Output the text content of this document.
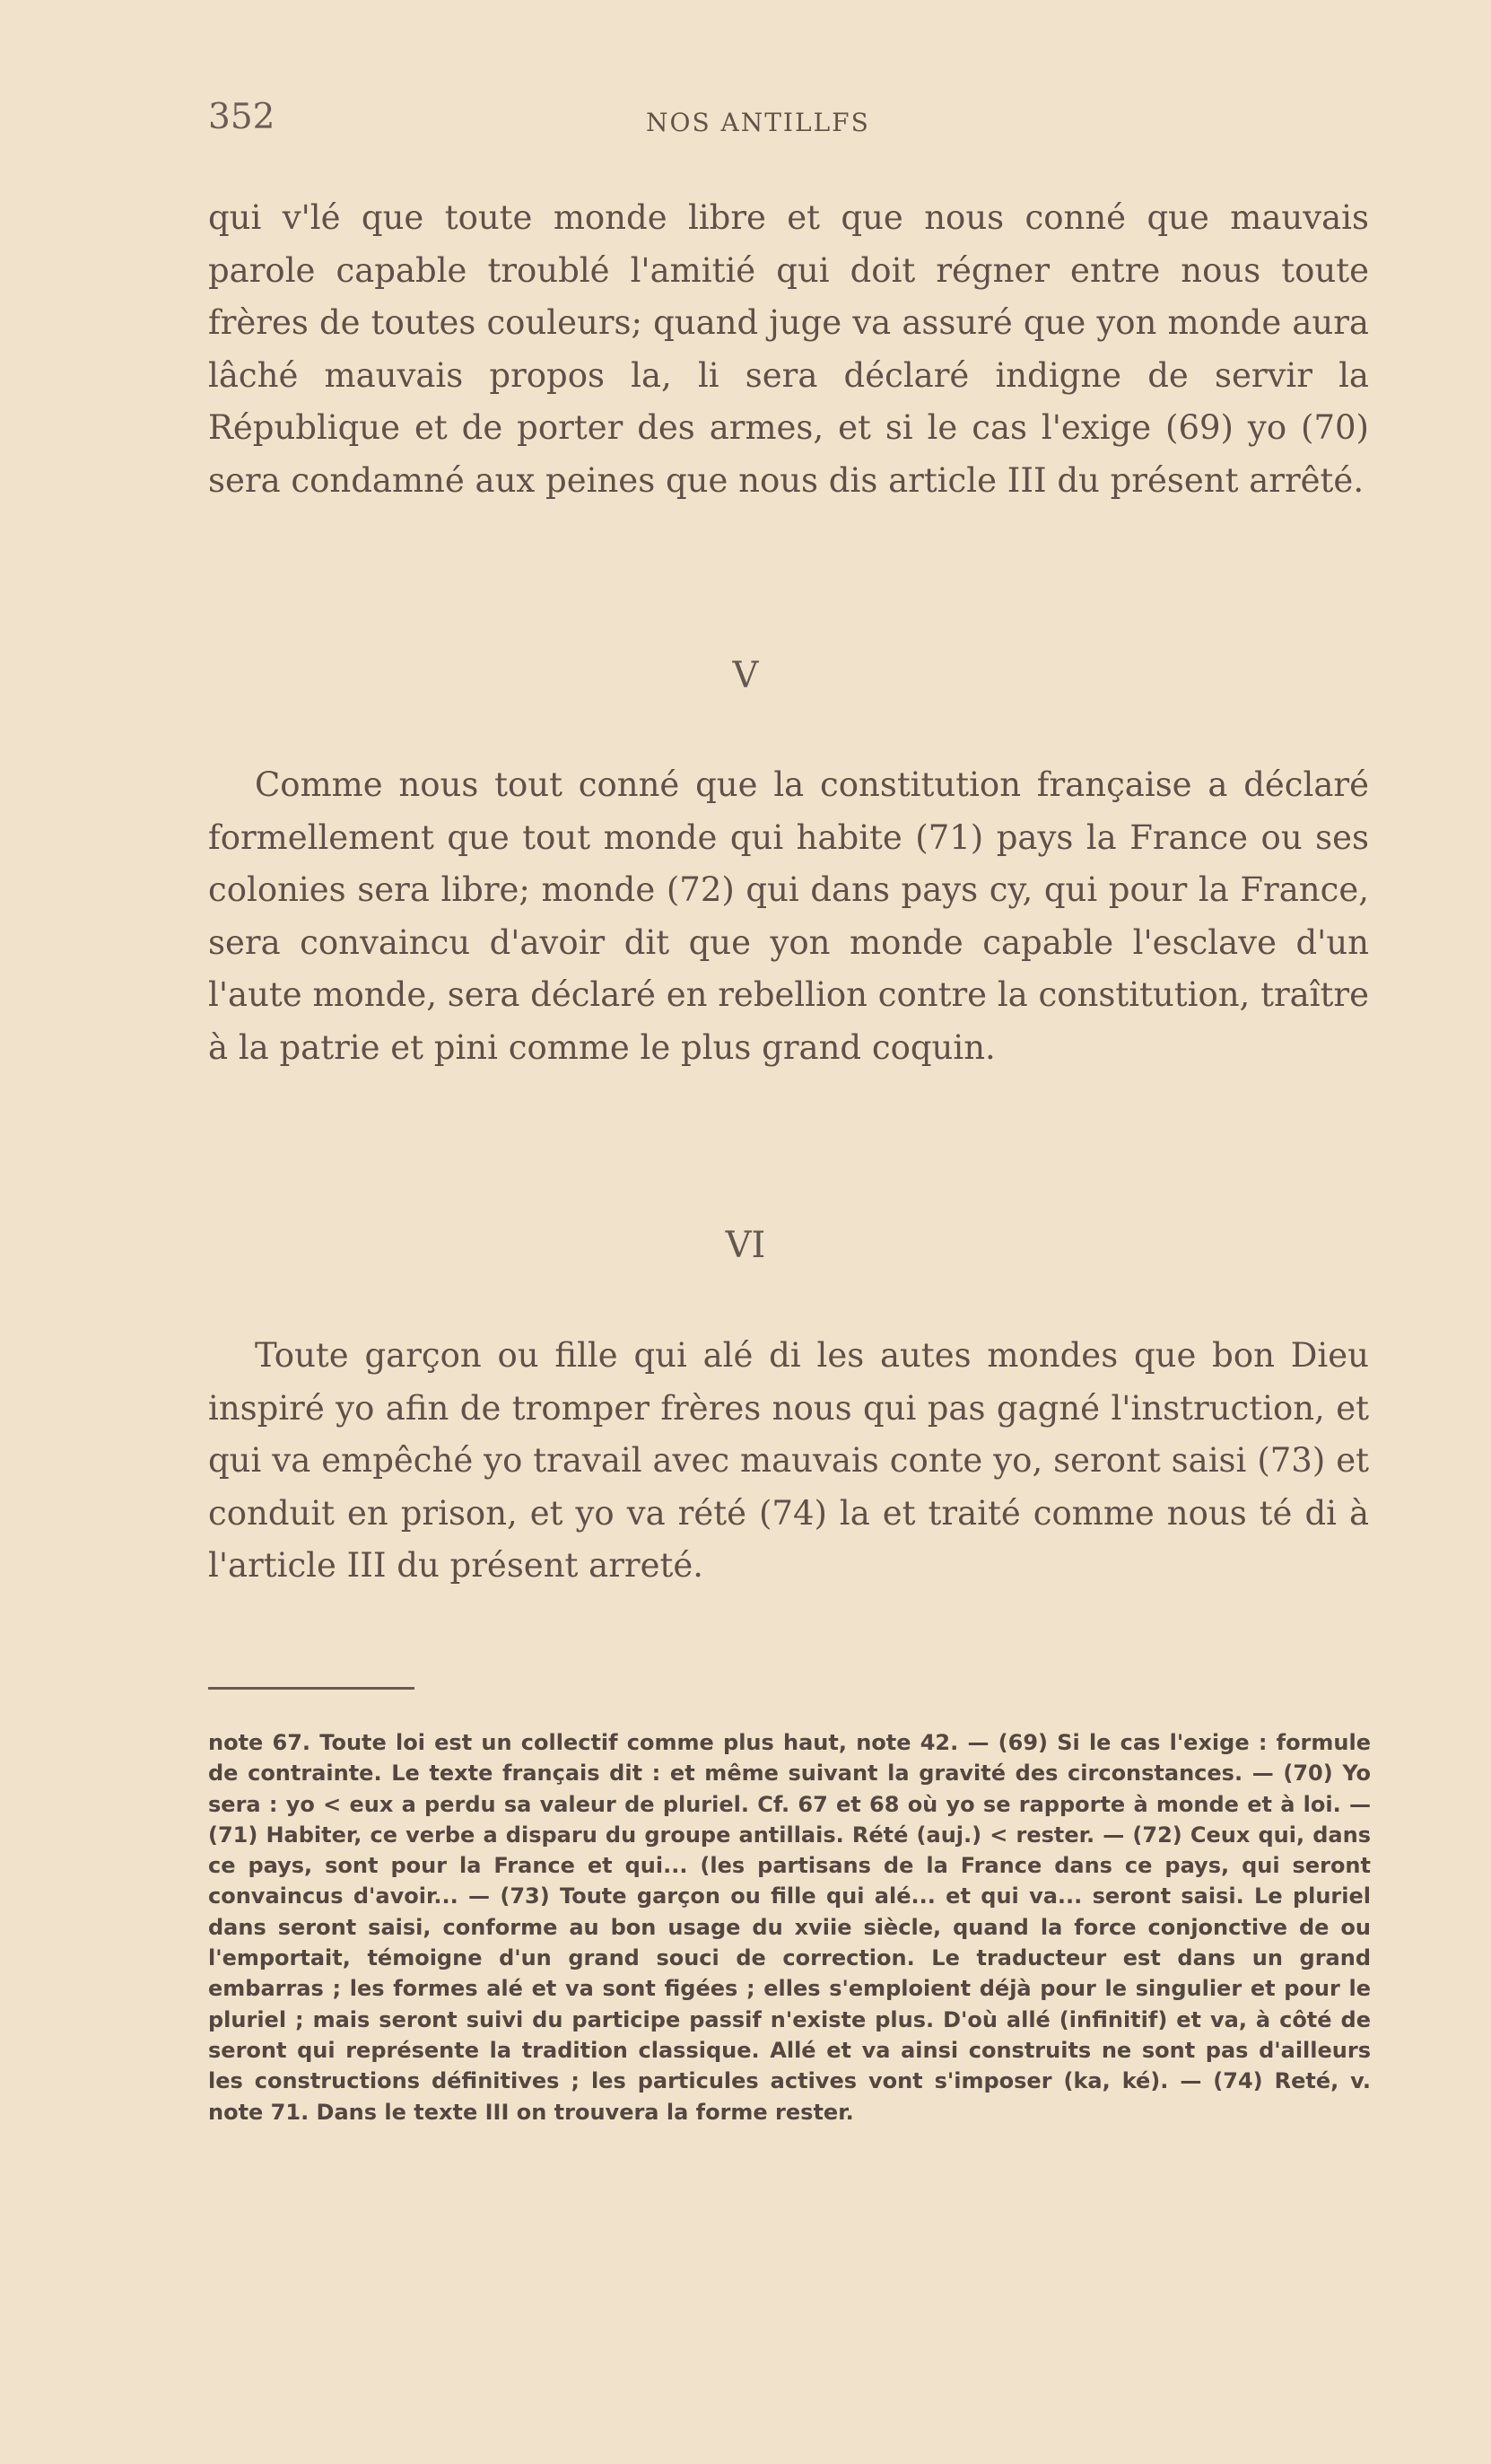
352	NOS ANTILLFS
qui v'lé que toute monde libre et que nous conné que mauvais parole capable troublé l'amitié qui doit régner entre nous toute frères de toutes couleurs; quand juge va assuré que yon monde aura lâché mauvais propos la, li sera déclaré indigne de servir la République et de porter des armes, et si le cas l'exige (69) yo (70) sera condamné aux peines que nous dis article III du présent arrêté.
V
Comme nous tout conné que la constitution française a déclaré formellement que tout monde qui habite (71) pays la France ou ses colonies sera libre; monde (72) qui dans pays cy, qui pour la France, sera convaincu d'avoir dit que yon monde capable l'esclave d'un l'aute monde, sera déclaré en rebellion contre la constitution, traître à la patrie et pini comme le plus grand coquin.
VI
Toute garçon ou fille qui alé di les autes mondes que bon Dieu inspiré yo afin de tromper frères nous qui pas gagné l'instruction, et qui va empêché yo travail avec mauvais conte yo, seront saisi (73) et conduit en prison, et yo va rété (74) la et traité comme nous té di à l'article III du présent arreté.
note 67. Toute loi est un collectif comme plus haut, note 42. — (69) Si le cas l'exige : formule de contrainte. Le texte français dit : et même suivant la gravité des circonstances. — (70) Yo sera : yo < eux a perdu sa valeur de pluriel. Cf. 67 et 68 où yo se rapporte à monde et à loi. — (71) Habiter, ce verbe a disparu du groupe antillais. Rété (auj.) < rester. — (72) Ceux qui, dans ce pays, sont pour la France et qui... (les partisans de la France dans ce pays, qui seront convaincus d'avoir... — (73) Toute garçon ou fille qui alé... et qui va... seront saisi. Le pluriel dans seront saisi, conforme au bon usage du xviie siècle, quand la force conjonctive de ou l'emportait, témoigne d'un grand souci de correction. Le traducteur est dans un grand embarras ; les formes alé et va sont figées ; elles s'emploient déjà pour le singulier et pour le pluriel ; mais seront suivi du participe passif n'existe plus. D'où allé (infinitif) et va, à côté de seront qui représente la tradition classique. Allé et va ainsi construits ne sont pas d'ailleurs les constructions définitives ; les particules actives vont s'imposer (ka, ké). — (74) Reté, v. note 71. Dans le texte III on trouvera la forme rester.
